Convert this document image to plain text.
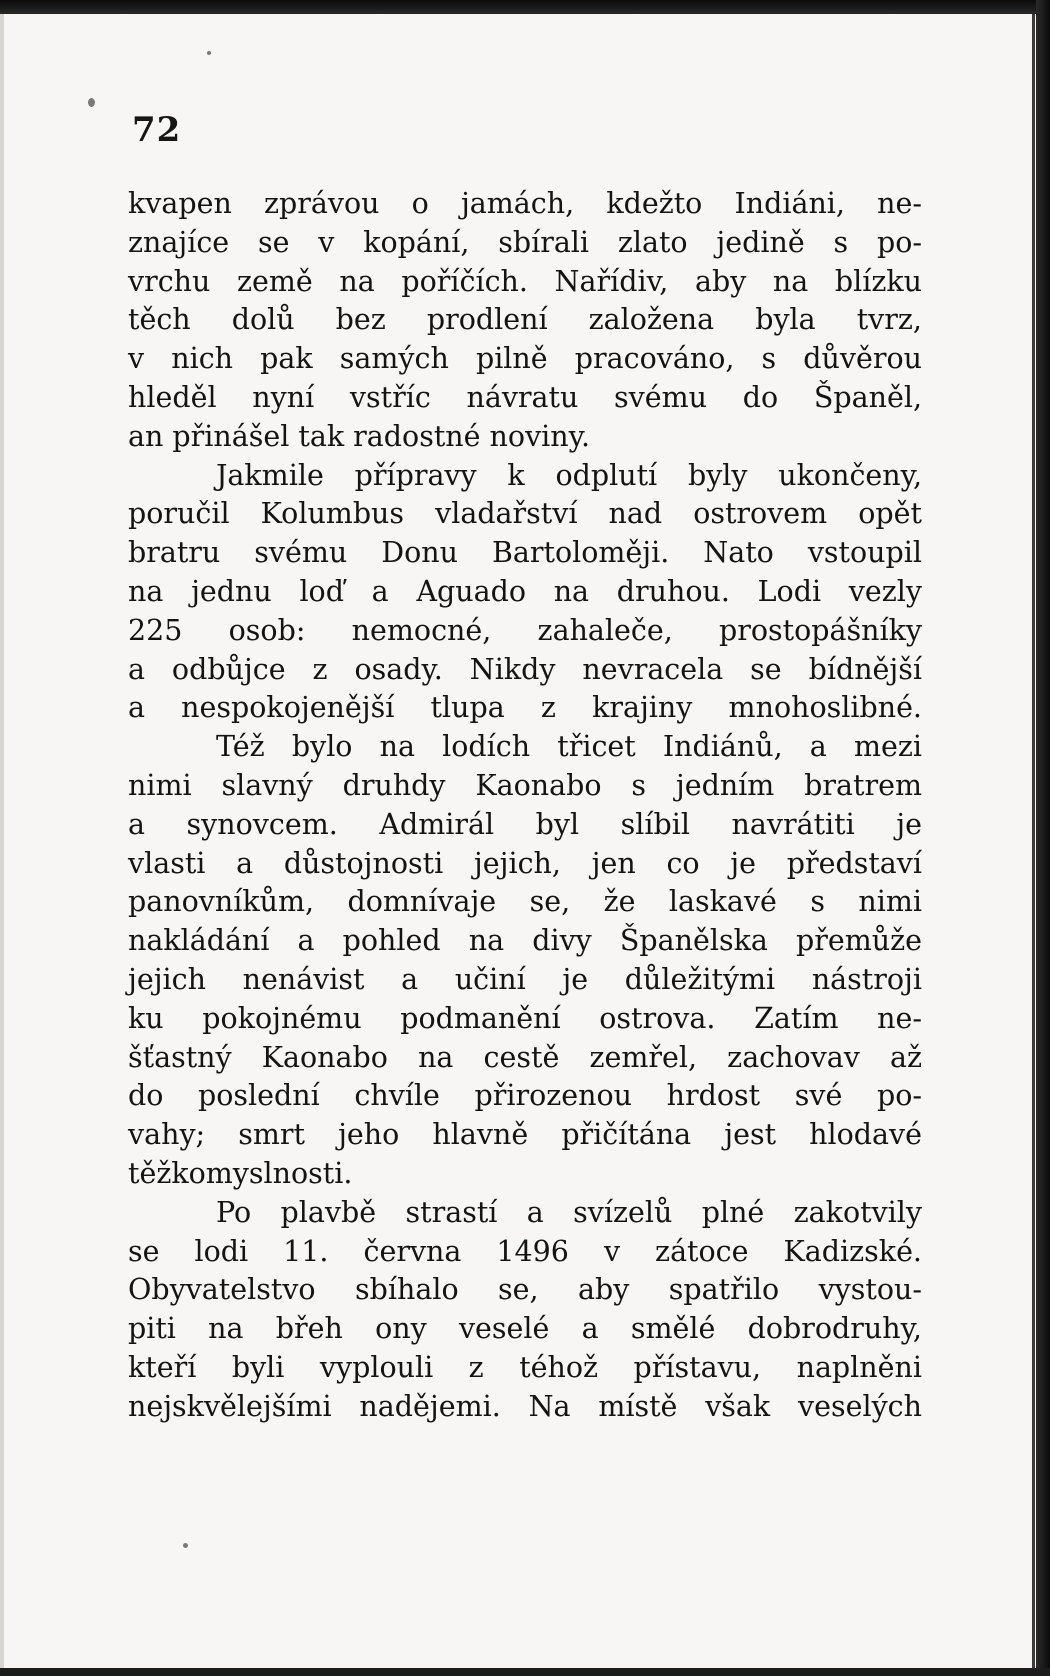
72
kvapen zprávou o jamách, kdežto Indiáni, ne-
znajíce se v kopání, sbírali zlato jedině s po-
vrchu země na poříčích. Nařídiv, aby na blízku
těch dolů bez prodlení založena byla tvrz,
v nich pak samých pilně pracováno, s důvěrou
hleděl nyní vstříc návratu svému do Španěl,
an přinášel tak radostné noviny.
Jakmile přípravy k odplutí byly ukončeny,
poručil Kolumbus vladařství nad ostrovem opět
bratru svému Donu Bartoloměji. Nato vstoupil
na jednu loď a Aguado na druhou. Lodi vezly
225 osob: nemocné, zahaleče, prostopášníky
a odbůjce z osady. Nikdy nevracela se bídnější
a nespokojenější tlupa z krajiny mnohoslibné.
Též bylo na lodích třicet Indiánů, a mezi
nimi slavný druhdy Kaonabo s jedním bratrem
a synovcem. Admirál byl slíbil navrátiti je
vlasti a důstojnosti jejich, jen co je představí
panovníkům, domnívaje se, že laskavé s nimi
nakládání a pohled na divy Španělska přemůže
jejich nenávist a učiní je důležitými nástroji
ku pokojnému podmanění ostrova. Zatím ne-
šťastný Kaonabo na cestě zemřel, zachovav až
do poslední chvíle přirozenou hrdost své po-
vahy; smrt jeho hlavně přičítána jest hlodavé
těžkomyslnosti.
Po plavbě strastí a svízelů plné zakotvily
se lodi 11. června 1496 v zátoce Kadizské.
Obyvatelstvo sbíhalo se, aby spatřilo vystou-
piti na břeh ony veselé a smělé dobrodruhy,
kteří byli vyplouli z téhož přístavu, naplněni
nejskvělejšími nadějemi. Na místě však veselých
